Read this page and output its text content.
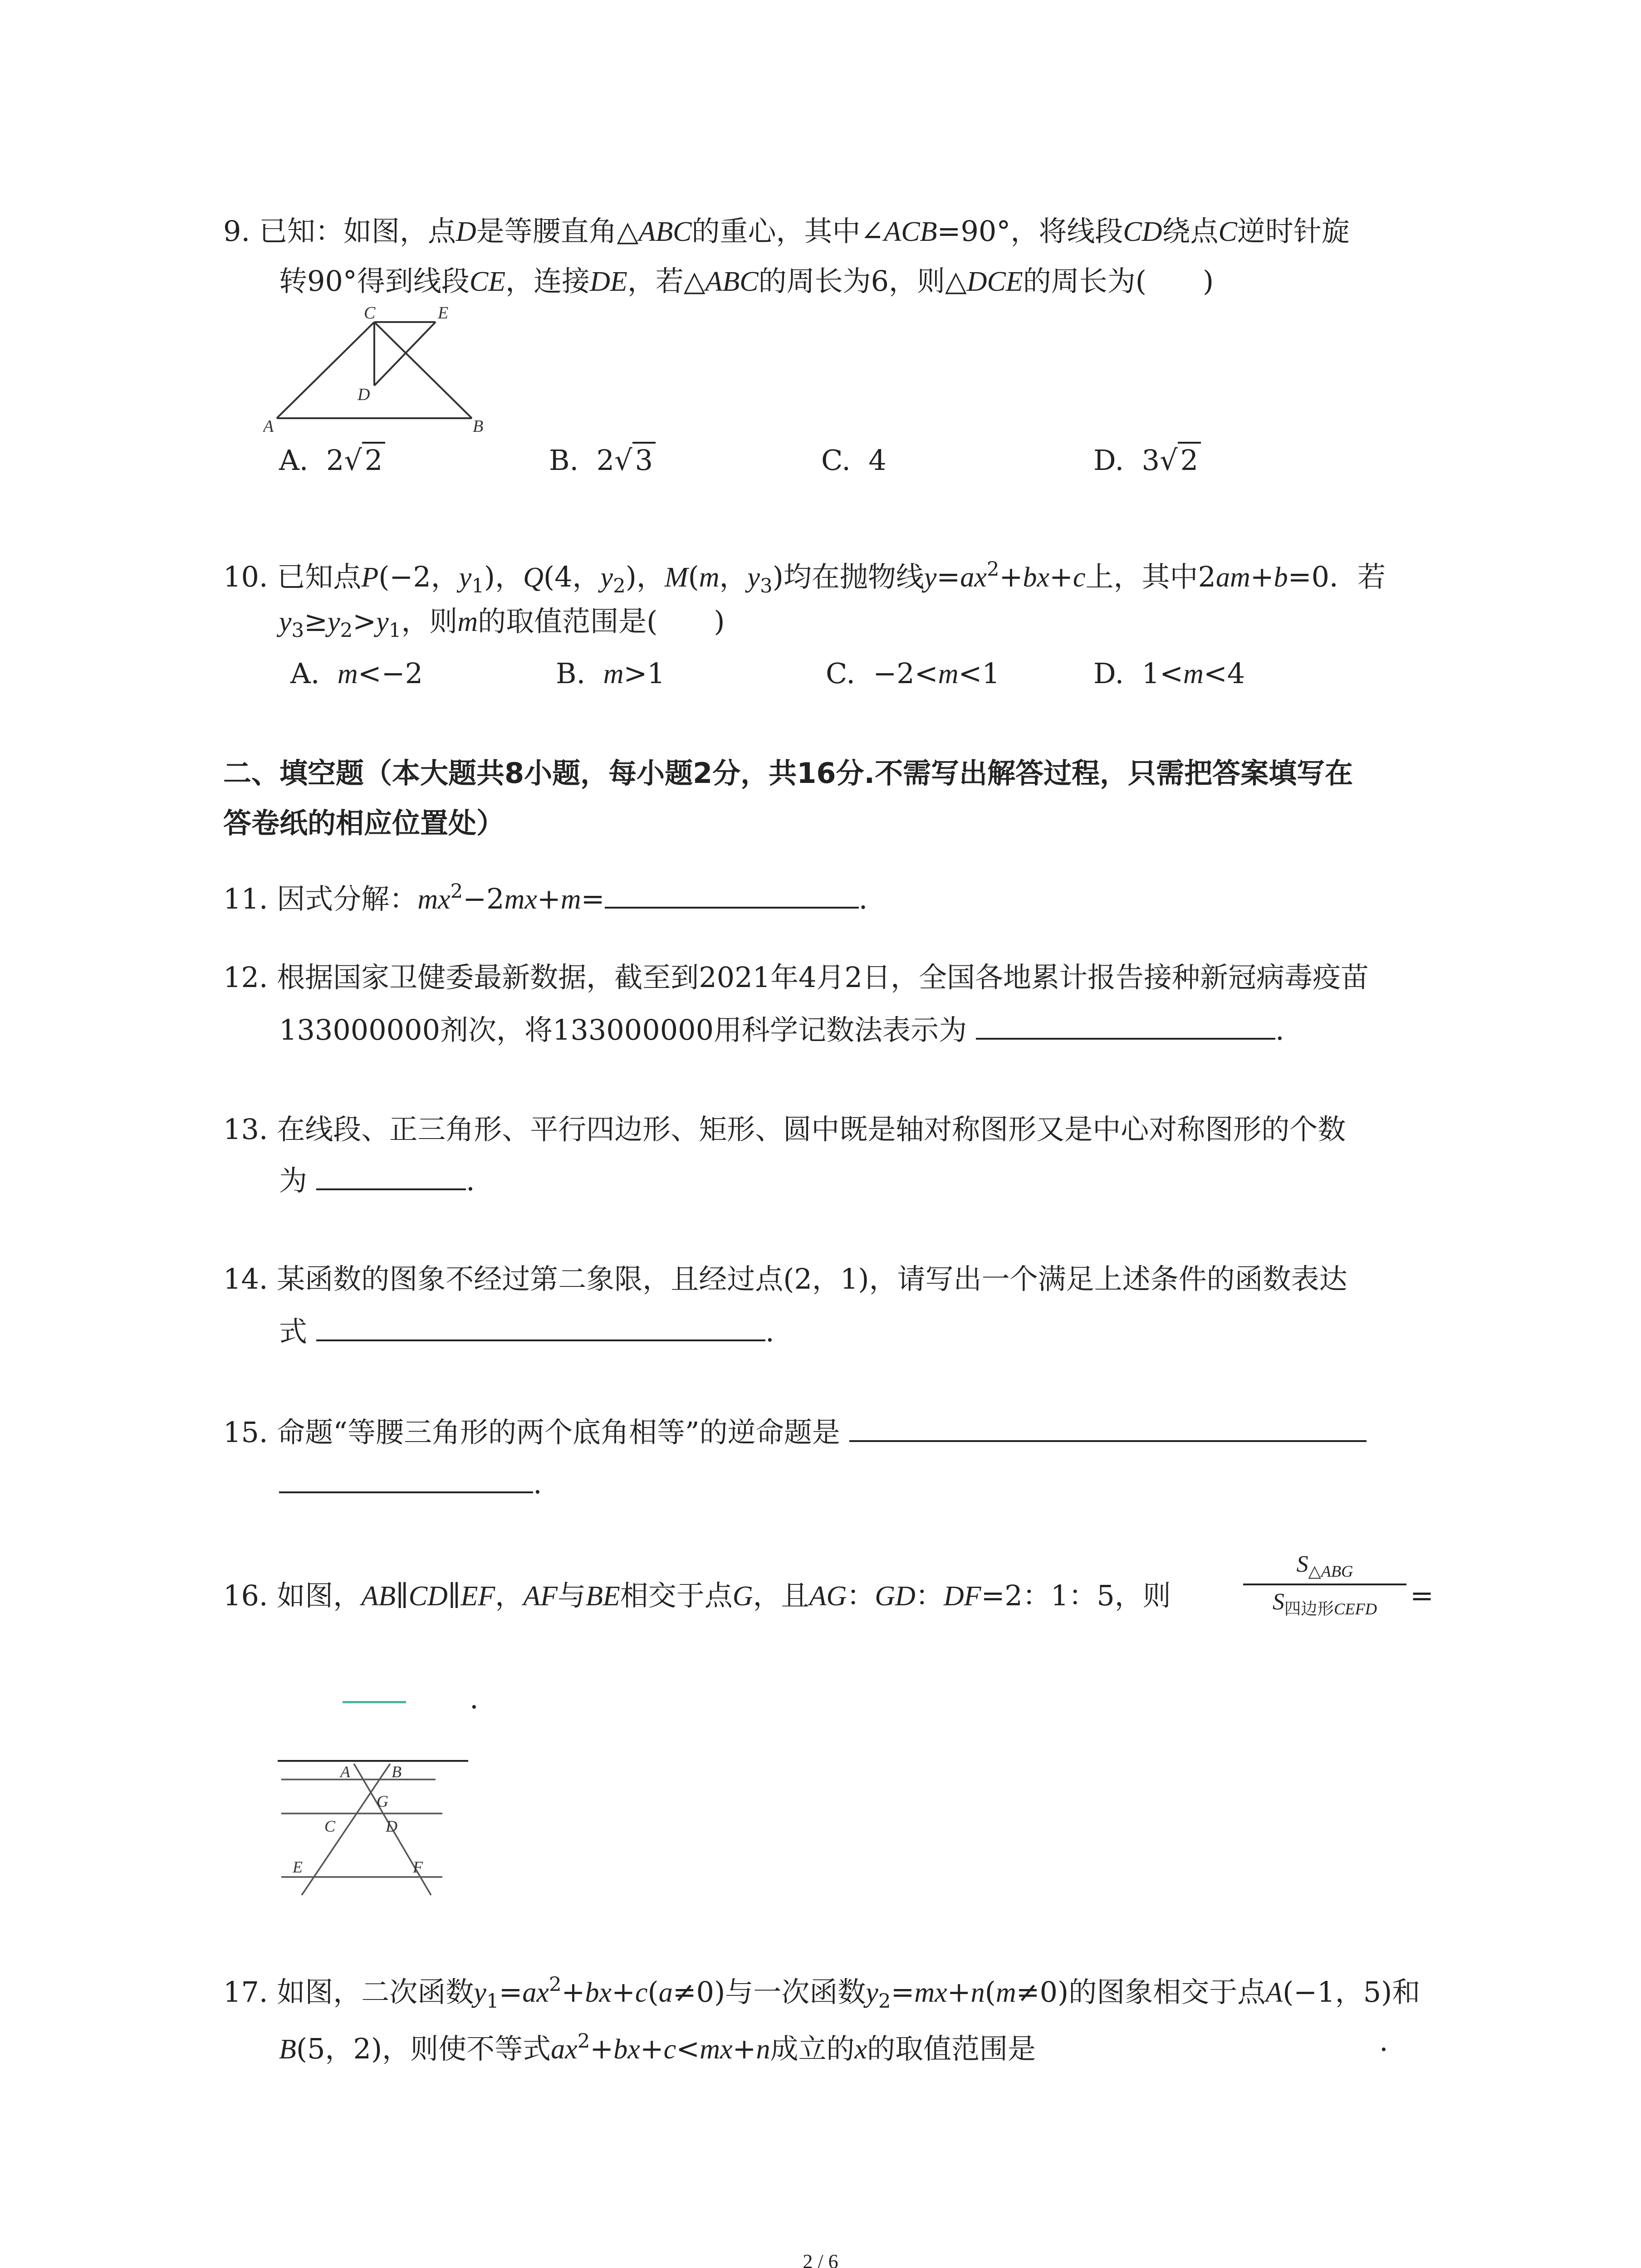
9. 已知：如图，点D是等腰直角△ABC的重心，其中∠ACB=90°，将线段CD绕点C逆时针旋
转90°得到线段CE，连接DE，若△ABC的周长为6，则△DCE的周长为(　　)
A	B
C	E
D
A.  2√2	B.  2√3	C.  4	D.  3√2
10. 已知点P(−2，$y_1$)，Q(4，$y_2$)，M(m，$y_3$)均在抛物线$y=ax^2+bx+c$上，其中2am+b=0．若
$y_3\ge y_2>y_1$，则m的取值范围是(　　)
A.  m<−2	B.  m>1	C.  −2<m<1	D.  1<m<4
二、填空题（本大题共8小题，每小题2分，共16分.不需写出解答过程，只需把答案填写在
答卷纸的相应位置处）
11. 因式分解：$mx^2-2mx+m=$	.
12. 根据国家卫健委最新数据，截至到2021年4月2日，全国各地累计报告接种新冠病毒疫苗
133000000剂次，将133000000用科学记数法表示为	.
13. 在线段、正三角形、平行四边形、矩形、圆中既是轴对称图形又是中心对称图形的个数
为	.
14. 某函数的图象不经过第二象限，且经过点(2，1)，请写出一个满足上述条件的函数表达
式	.
15. 命题“等腰三角形的两个底角相等”的逆命题是
.
16. 如图，AB∥CD∥EF，AF与BE相交于点G，且AG：GD：DF=2：1：5，则
$S_{\triangle ABG}$
$S_{四边形CEFD}$	=
.
A	B
G
C	D
E	F
17. 如图，二次函数$y_1=ax^2+bx+c(a\ne 0)$与一次函数$y_2=mx+n(m\ne 0)$的图象相交于点A(−1，5)和
B(5，2)，则使不等式$ax^2+bx+c<mx+n$成立的x的取值范围是	.
2 / 6
